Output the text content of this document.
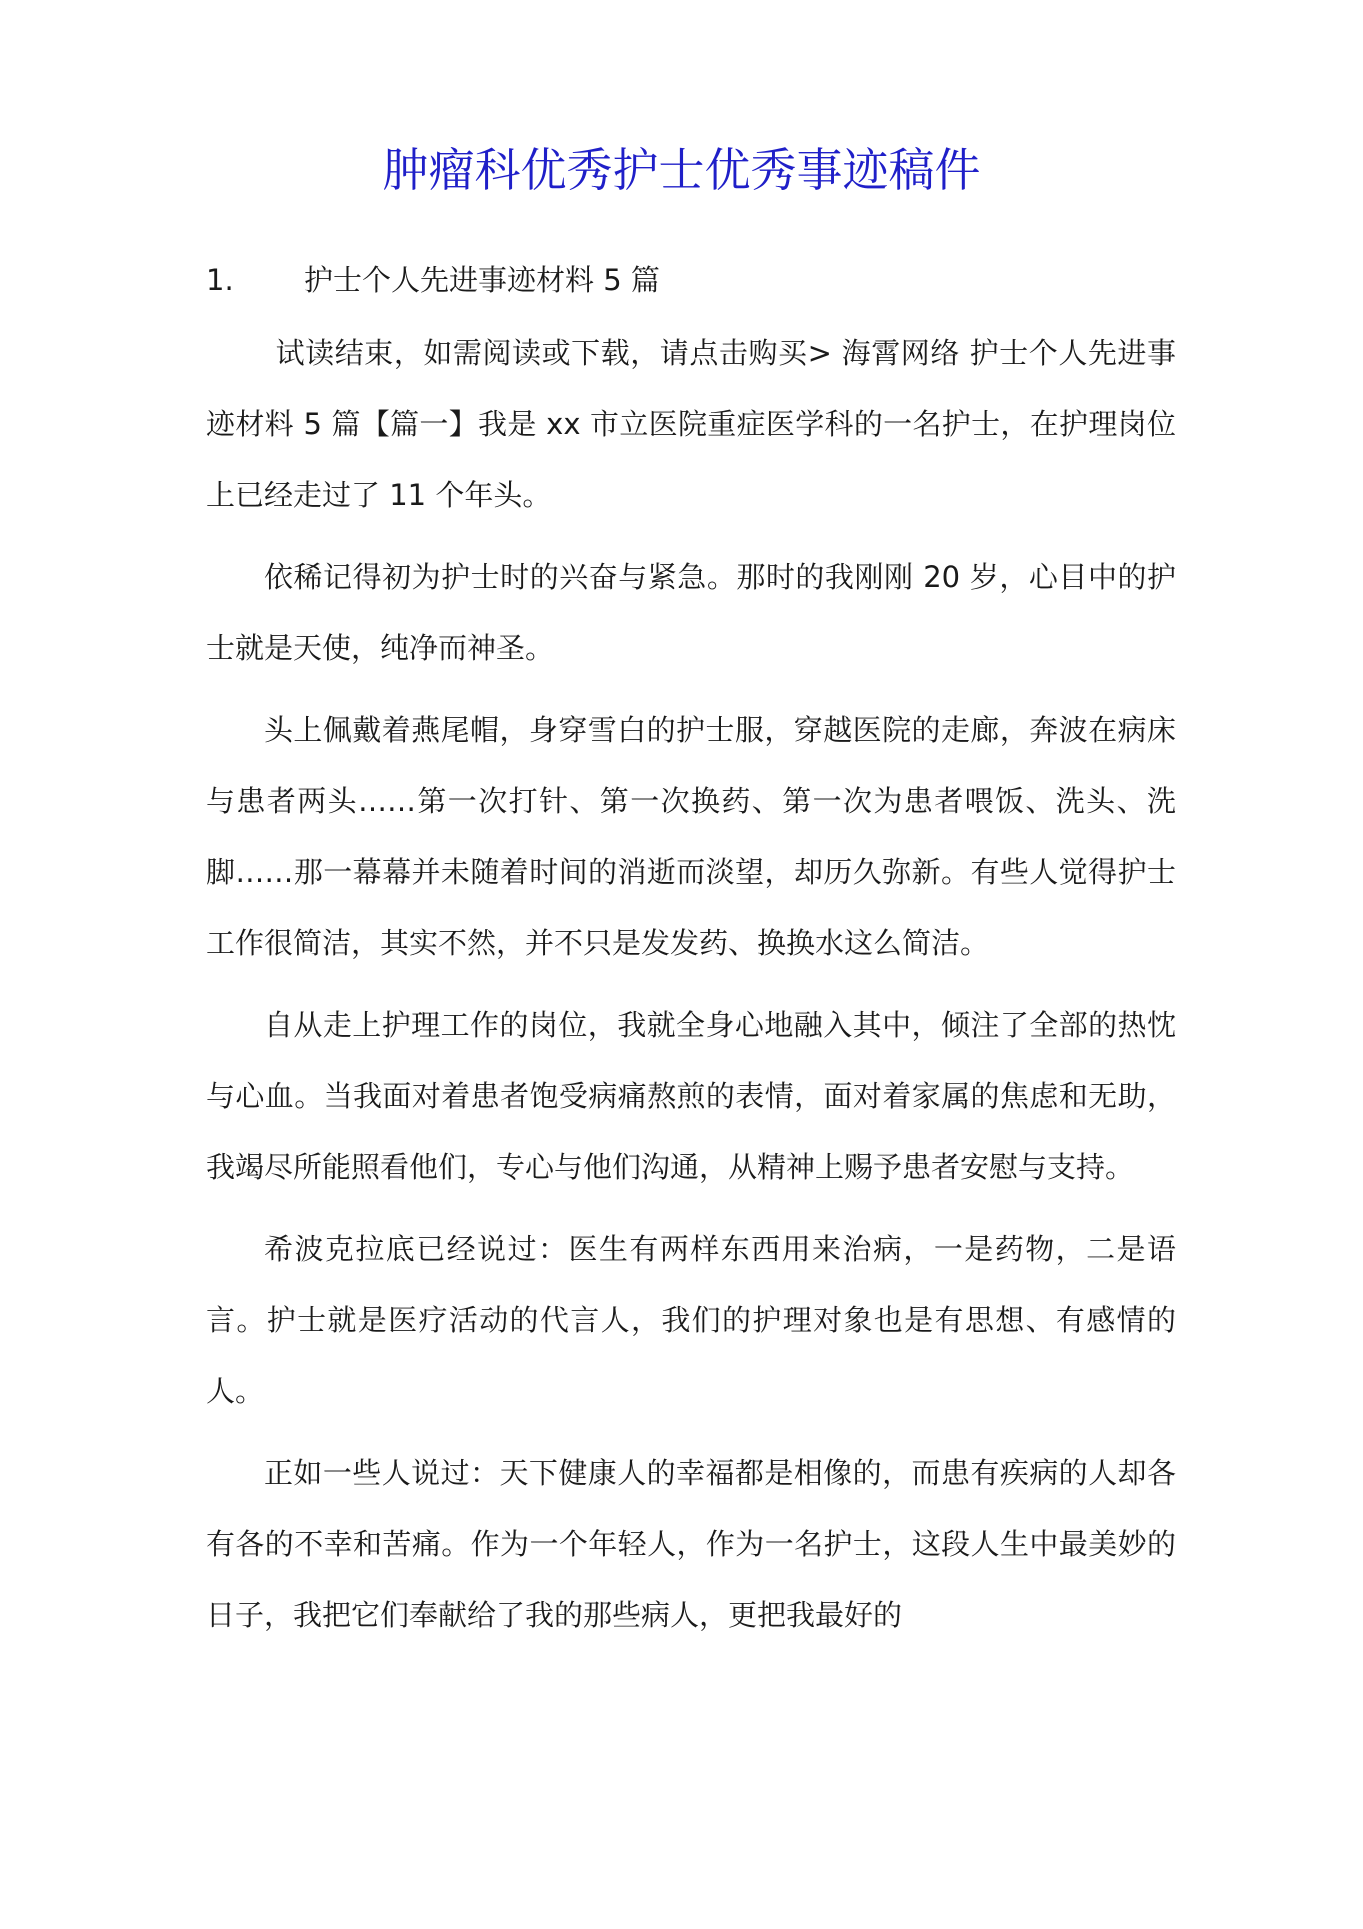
肿瘤科优秀护士优秀事迹稿件
1.	护士个人先进事迹材料 5 篇

试读结束，如需阅读或下载，请点击购买> 海霄网络 护士个人先进事迹材料 5 篇【篇一】我是 xx 市立医院重症医学科的一名护士，在护理岗位上已经走过了 11 个年头。

依稀记得初为护士时的兴奋与紧急。那时的我刚刚 20 岁，心目中的护士就是天使，纯净而神圣。

头上佩戴着燕尾帽，身穿雪白的护士服，穿越医院的走廊，奔波在病床与患者两头……第一次打针、第一次换药、第一次为患者喂饭、洗头、洗脚……那一幕幕并未随着时间的消逝而淡望，却历久弥新。有些人觉得护士工作很简洁，其实不然，并不只是发发药、换换水这么简洁。

自从走上护理工作的岗位，我就全身心地融入其中，倾注了全部的热忱与心血。当我面对着患者饱受病痛熬煎的表情，面对着家属的焦虑和无助，我竭尽所能照看他们，专心与他们沟通，从精神上赐予患者安慰与支持。

希波克拉底已经说过：医生有两样东西用来治病，一是药物，二是语言。护士就是医疗活动的代言人，我们的护理对象也是有思想、有感情的人。

正如一些人说过：天下健康人的幸福都是相像的，而患有疾病的人却各有各的不幸和苦痛。作为一个年轻人，作为一名护士，这段人生中最美妙的日子，我把它们奉献给了我的那些病人，更把我最好的
